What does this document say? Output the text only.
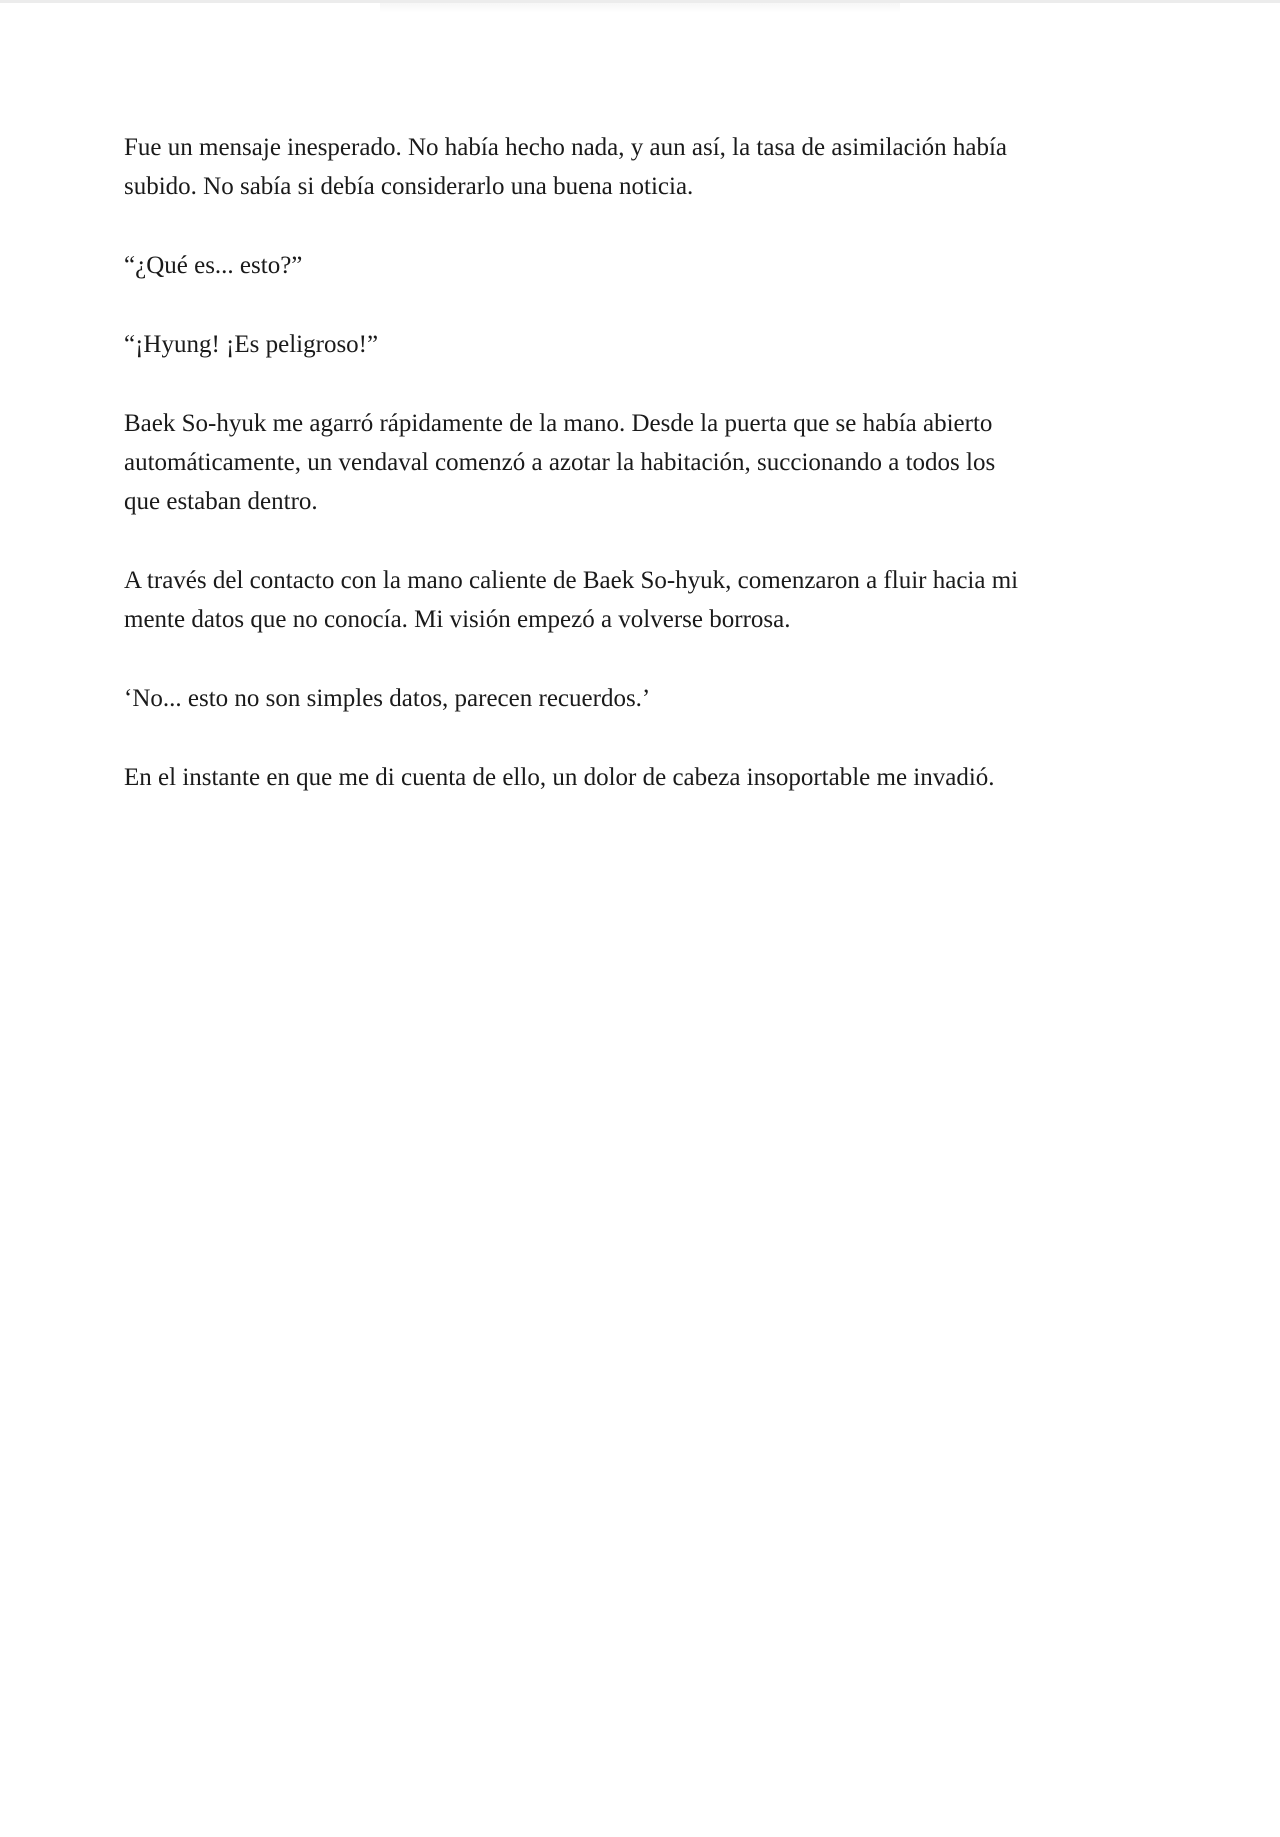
Fue un mensaje inesperado. No había hecho nada, y aun así, la tasa de asimilación había
subido. No sabía si debía considerarlo una buena noticia.

“¿Qué es... esto?”

“¡Hyung! ¡Es peligroso!”

Baek So-hyuk me agarró rápidamente de la mano. Desde la puerta que se había abierto
automáticamente, un vendaval comenzó a azotar la habitación, succionando a todos los
que estaban dentro.

A través del contacto con la mano caliente de Baek So-hyuk, comenzaron a fluir hacia mi
mente datos que no conocía. Mi visión empezó a volverse borrosa.

‘No... esto no son simples datos, parecen recuerdos.’

En el instante en que me di cuenta de ello, un dolor de cabeza insoportable me invadió.
